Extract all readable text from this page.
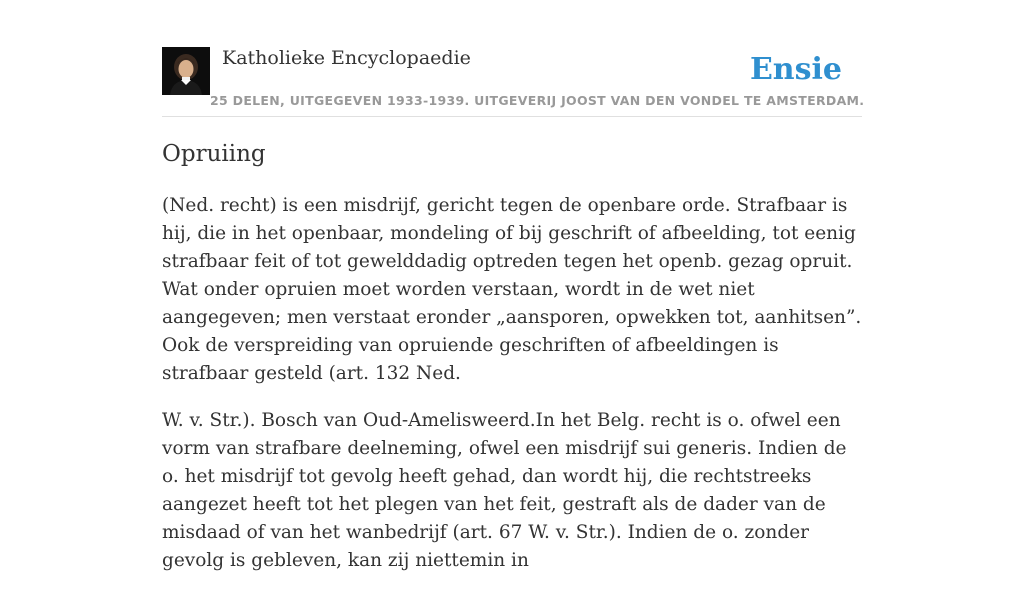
Katholieke Encyclopaedie
25 DELEN, UITGEGEVEN 1933-1939. UITGEVERIJ JOOST VAN DEN VONDEL TE AMSTERDAM.
Ensie
Opruiing

(Ned. recht) is een misdrijf, gericht tegen de openbare orde. Strafbaar is hij, die in het openbaar, mondeling of bij geschrift of afbeelding, tot eenig strafbaar feit of tot gewelddadig optreden tegen het openb. gezag opruit. Wat onder opruien moet worden verstaan, wordt in de wet niet aangegeven; men verstaat eronder „aansporen, opwekken tot, aanhitsen”. Ook de verspreiding van opruiende geschriften of afbeeldingen is strafbaar gesteld (art. 132 Ned.

W. v. Str.). Bosch van Oud-Amelisweerd.In het Belg. recht is o. ofwel een vorm van strafbare deelneming, ofwel een misdrijf sui generis. Indien de o. het misdrijf tot gevolg heeft gehad, dan wordt hij, die rechtstreeks aangezet heeft tot het plegen van het feit, gestraft als de dader van de misdaad of van het wanbedrijf (art. 67 W. v. Str.). Indien de o. zonder gevolg is gebleven, kan zij niettemin in
